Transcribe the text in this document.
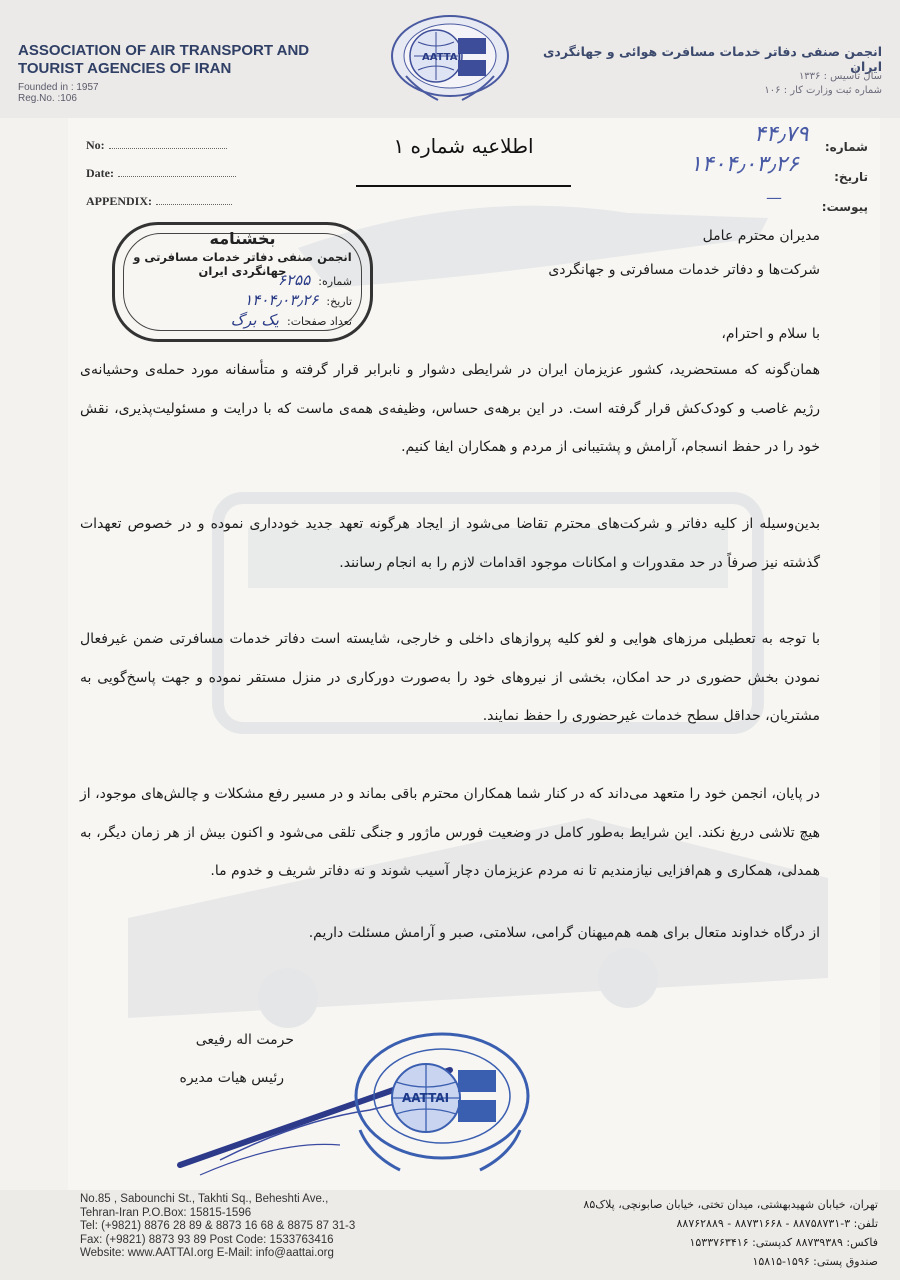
ASSOCIATION OF AIR TRANSPORT AND TOURIST AGENCIES OF IRAN
Founded in : 1957
Reg.No. :106
AATTAI	انجمن صنفی دفاتر خدمات مسافرت هوائی و جهانگردی ایران
سال تأسیس : ۱۳۳۶
شماره ثبت وزارت کار : ۱۰۶
No:
Date:
APPENDIX:
شماره:
۴۴٫۷۹
تاریخ:
۱۴۰۴٫۰۳٫۲۶
پیوست:
—
اطلاعیه شماره ۱
بخشنامه
انجمن صنفی دفاتر خدمات مسافرتی و جهانگردی ایران
شماره:۶۲۵۵
تاریخ:۱۴۰۴٫۰۳٫۲۶
تعداد صفحات:یک برگ
مدیران محترم عامل
شرکت‌ها و دفاتر خدمات مسافرتی و جهانگردی
با سلام و احترام،
همان‌گونه که مستحضرید، کشور عزیزمان ایران در شرایطی دشوار و نابرابر قرار گرفته و متأسفانه مورد حمله‌ی وحشیانه‌ی رژیم غاصب و کودک‌کش قرار گرفته است. در این برهه‌ی حساس، وظیفه‌ی همه‌ی ماست که با درایت و مسئولیت‌پذیری، نقش خود را در حفظ انسجام، آرامش و پشتیبانی از مردم و همکاران ایفا کنیم.
بدین‌وسیله از کلیه دفاتر و شرکت‌های محترم تقاضا می‌شود از ایجاد هرگونه تعهد جدید خودداری نموده و در خصوص تعهدات گذشته نیز صرفاً در حد مقدورات و امکانات موجود اقدامات لازم را به انجام رسانند.
با توجه به تعطیلی مرزهای هوایی و لغو کلیه پروازهای داخلی و خارجی، شایسته است دفاتر خدمات مسافرتی ضمن غیرفعال نمودن بخش حضوری در حد امکان، بخشی از نیروهای خود را به‌صورت دورکاری در منزل مستقر نموده و جهت پاسخ‌گویی به مشتریان، حداقل سطح خدمات غیرحضوری را حفظ نمایند.
در پایان، انجمن خود را متعهد می‌داند که در کنار شما همکاران محترم باقی بماند و در مسیر رفع مشکلات و چالش‌های موجود، از هیچ تلاشی دریغ نکند. این شرایط به‌طور کامل در وضعیت فورس ماژور و جنگی تلقی می‌شود و اکنون بیش از هر زمان دیگر، به همدلی، همکاری و هم‌افزایی نیازمندیم تا نه مردم عزیزمان دچار آسیب شوند و نه دفاتر شریف و خدوم ما.
از درگاه خداوند متعال برای همه هم‌میهنان گرامی، سلامتی، صبر و آرامش مسئلت داریم.
حرمت اله رفیعی
رئیس هیات مدیره
AATTAI
No.85 , Sabounchi St., Takhti Sq., Beheshti Ave.,
Tehran-Iran P.O.Box: 15815-1596
Tel: (+9821) 8876 28 89 & 8873 16 68 & 8875 87 31-3
Fax: (+9821) 8873 93 89 Post Code: 1533763416
Website: www.AATTAI.org E-Mail: info@aattai.org
تهران، خیابان شهیدبهشتی، میدان تختی، خیابان صابونچی، پلاک۸۵
تلفن: ۳-۸۸۷۵۸۷۳۱ - ۸۸۷۳۱۶۶۸ - ۸۸۷۶۲۸۸۹
فاکس: ۸۸۷۳۹۳۸۹ کدپستی: ۱۵۳۳۷۶۳۴۱۶
صندوق پستی: ۱۵۹۶-۱۵۸۱۵
